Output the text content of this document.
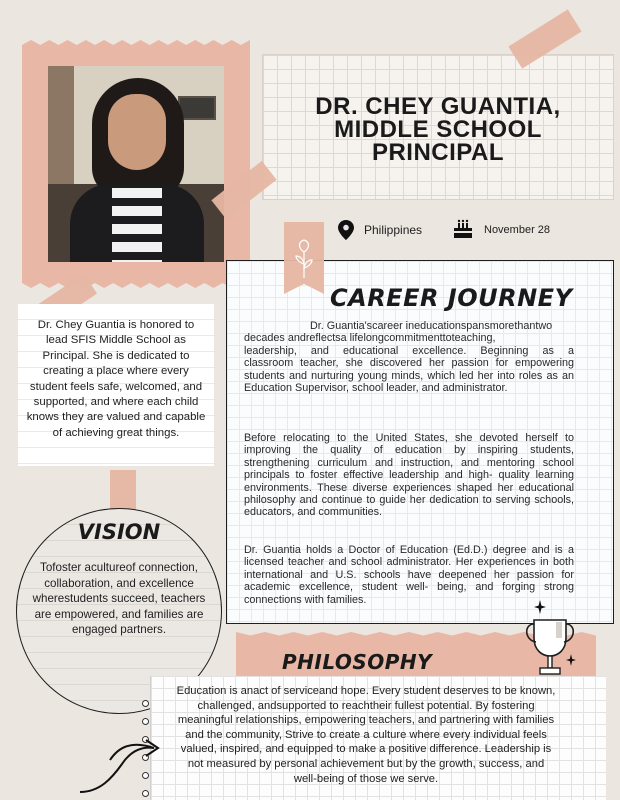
DR. CHEY GUANTIA,
MIDDLE SCHOOL
PRINCIPAL
Philippines	November 28
CAREER JOURNEY
Dr. Guantia'scareer ineducationspansmorethantwo
decades andreflectsa lifelongcommitmenttoteaching,
leadership, and educational excellence. Beginning as a
classroom teacher, she discovered her passion for empowering students and nurturing young minds, which led her into roles as an Education Supervisor, school leader, and administrator.
Before relocating to the United States, she devoted herself to improving the quality of education by inspiring students, strengthening curriculum and instruction, and mentoring school principals to foster effective leadership and high- quality learning environments. These diverse experiences shaped her educational philosophy and continue to guide her dedication to serving schools, educators, and communities.
Dr. Guantia holds a Doctor of Education (Ed.D.) degree and is a licensed teacher and school administrator. Her experiences in both international and U.S. schools have deepened her passion for academic excellence, student well- being, and forging strong connections with families.
Dr. Chey Guantia is honored to lead SFIS Middle School as Principal. She is dedicated to creating a place where every student feels safe, welcomed, and supported, and where each child knows they are valued and capable of achieving great things.
VISION
Tofoster acultureof connection, collaboration, and excellence wherestudents succeed, teachers are empowered, and families are engaged partners.
PHILOSOPHY
Education is anact of serviceand hope. Every student deserves to be known, challenged, andsupported to reachtheir fullest potential. By fostering meaningful relationships, empowering teachers, and partnering with families and the community, Strive to create a culture where every individual feels valued, inspired, and equipped to make a positive difference. Leadership is not measured by personal achievement but by the growth, success, and well-being of those we serve.
